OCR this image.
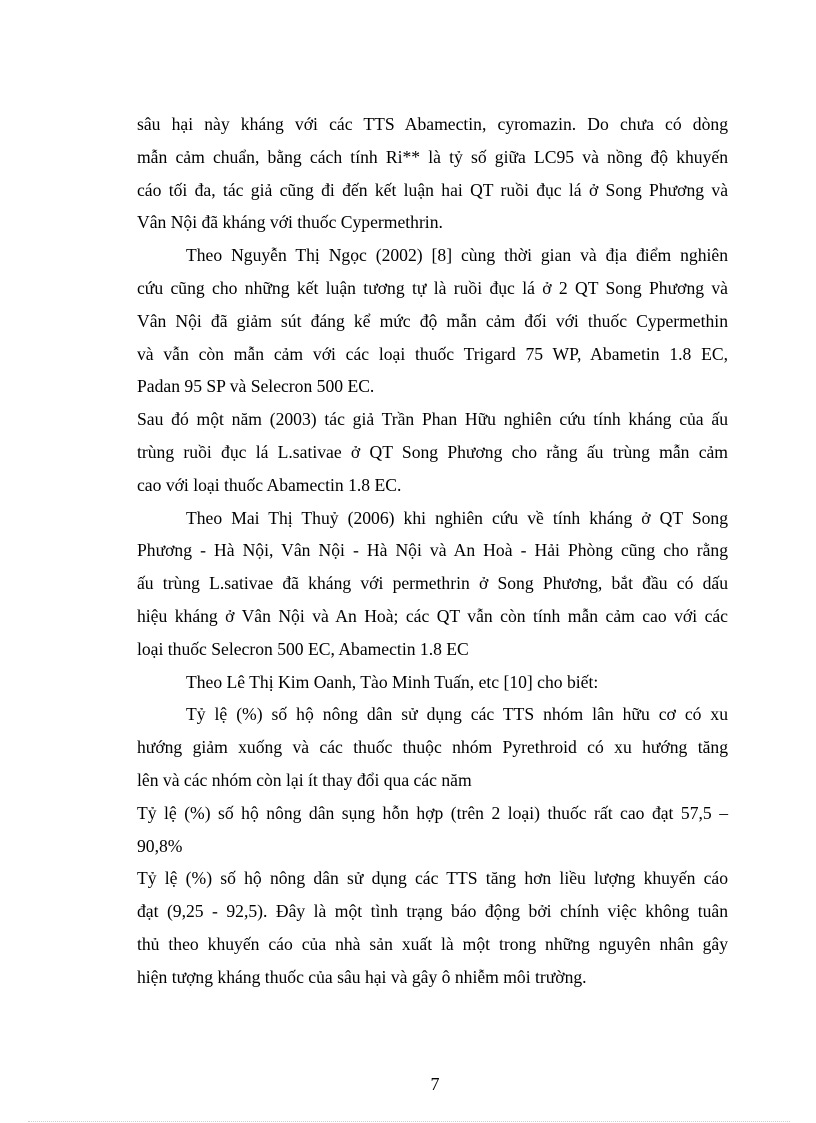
sâu hại này kháng với các TTS Abamectin, cyromazin. Do chưa có dòng
mẫn cảm chuẩn, bằng cách tính Ri** là tỷ số giữa LC95 và nồng độ khuyến
cáo tối đa, tác giả cũng đi đến kết luận hai QT ruồi đục lá ở Song Phương và
Vân Nội đã kháng với thuốc Cypermethrin.

Theo Nguyễn Thị Ngọc (2002) [8] cùng thời gian và địa điểm nghiên
cứu cũng cho những kết luận tương tự là ruồi đục lá ở 2 QT Song Phương và
Vân Nội đã giảm sút đáng kể mức độ mẫn cảm đối với thuốc Cypermethin
và vẫn còn mẫn cảm với các loại thuốc Trigard 75 WP, Abametin 1.8 EC,
Padan 95 SP và Selecron 500 EC.

Sau đó một năm (2003) tác giả Trần Phan Hữu nghiên cứu tính kháng của ấu
trùng ruồi đục lá L.sativae ở QT Song Phương cho rằng ấu trùng mẫn cảm
cao với loại thuốc Abamectin 1.8 EC.

Theo Mai Thị Thuỷ (2006) khi nghiên cứu về tính kháng ở QT Song
Phương - Hà Nội, Vân Nội - Hà Nội và An Hoà - Hải Phòng cũng cho rằng
ấu trùng L.sativae đã kháng với permethrin ở Song Phương, bắt đầu có dấu
hiệu kháng ở Vân Nội và An Hoà; các QT vẫn còn tính mẫn cảm cao với các
loại thuốc Selecron 500 EC, Abamectin 1.8 EC

Theo Lê Thị Kim Oanh, Tào Minh Tuấn, etc [10] cho biết:

Tỷ lệ (%) số hộ nông dân sử dụng các TTS nhóm lân hữu cơ có xu
hướng giảm xuống và các thuốc thuộc nhóm Pyrethroid có xu hướng tăng
lên và các nhóm còn lại ít thay đổi qua các năm

Tỷ lệ (%) số hộ nông dân sụng hỗn hợp (trên 2 loại) thuốc rất cao đạt 57,5 –
90,8%

Tỷ lệ (%) số hộ nông dân sử dụng các TTS tăng hơn liều lượng khuyến cáo
đạt (9,25 - 92,5). Đây là một tình trạng báo động bởi chính việc không tuân
thủ theo khuyến cáo của nhà sản xuất là một trong những nguyên nhân gây
hiện tượng kháng thuốc của sâu hại và gây ô nhiễm môi trường.

7
